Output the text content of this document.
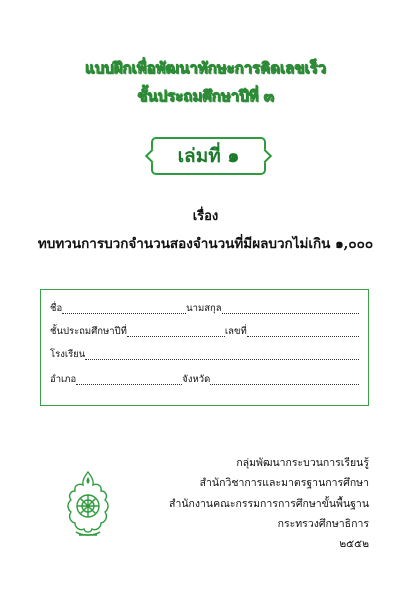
แบบฝึกเพื่อพัฒนาทักษะการคิดเลขเร็ว
ชั้นประถมศึกษาปีที่ ๓
เล่มที่ ๑
เรื่อง
ทบทวนการบวกจำนวนสองจำนวนที่มีผลบวกไม่เกิน ๑,๐๐๐
ชื่อ	นามสกุล
ชั้นประถมศึกษาปีที่	เลขที่
โรงเรียน
อำเภอ	จังหวัด
กลุ่มพัฒนากระบวนการเรียนรู้
สำนักวิชาการและมาตรฐานการศึกษา
สำนักงานคณะกรรมการการศึกษาขั้นพื้นฐาน
กระทรวงศึกษาธิการ
๒๕๕๒
